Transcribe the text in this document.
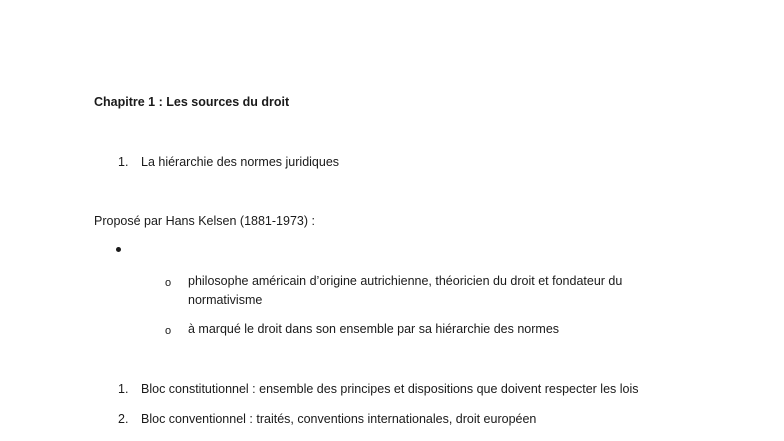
Chapitre 1 : Les sources du droit
1. La hiérarchie des normes juridiques
Proposé par Hans Kelsen (1881-1973) :
o philosophe américain d’origine autrichienne, théoricien du droit et fondateur du normativisme
o à marqué le droit dans son ensemble par sa hiérarchie des normes
1. Bloc constitutionnel : ensemble des principes et dispositions que doivent respecter les lois
2. Bloc conventionnel : traités, conventions internationales, droit européen
